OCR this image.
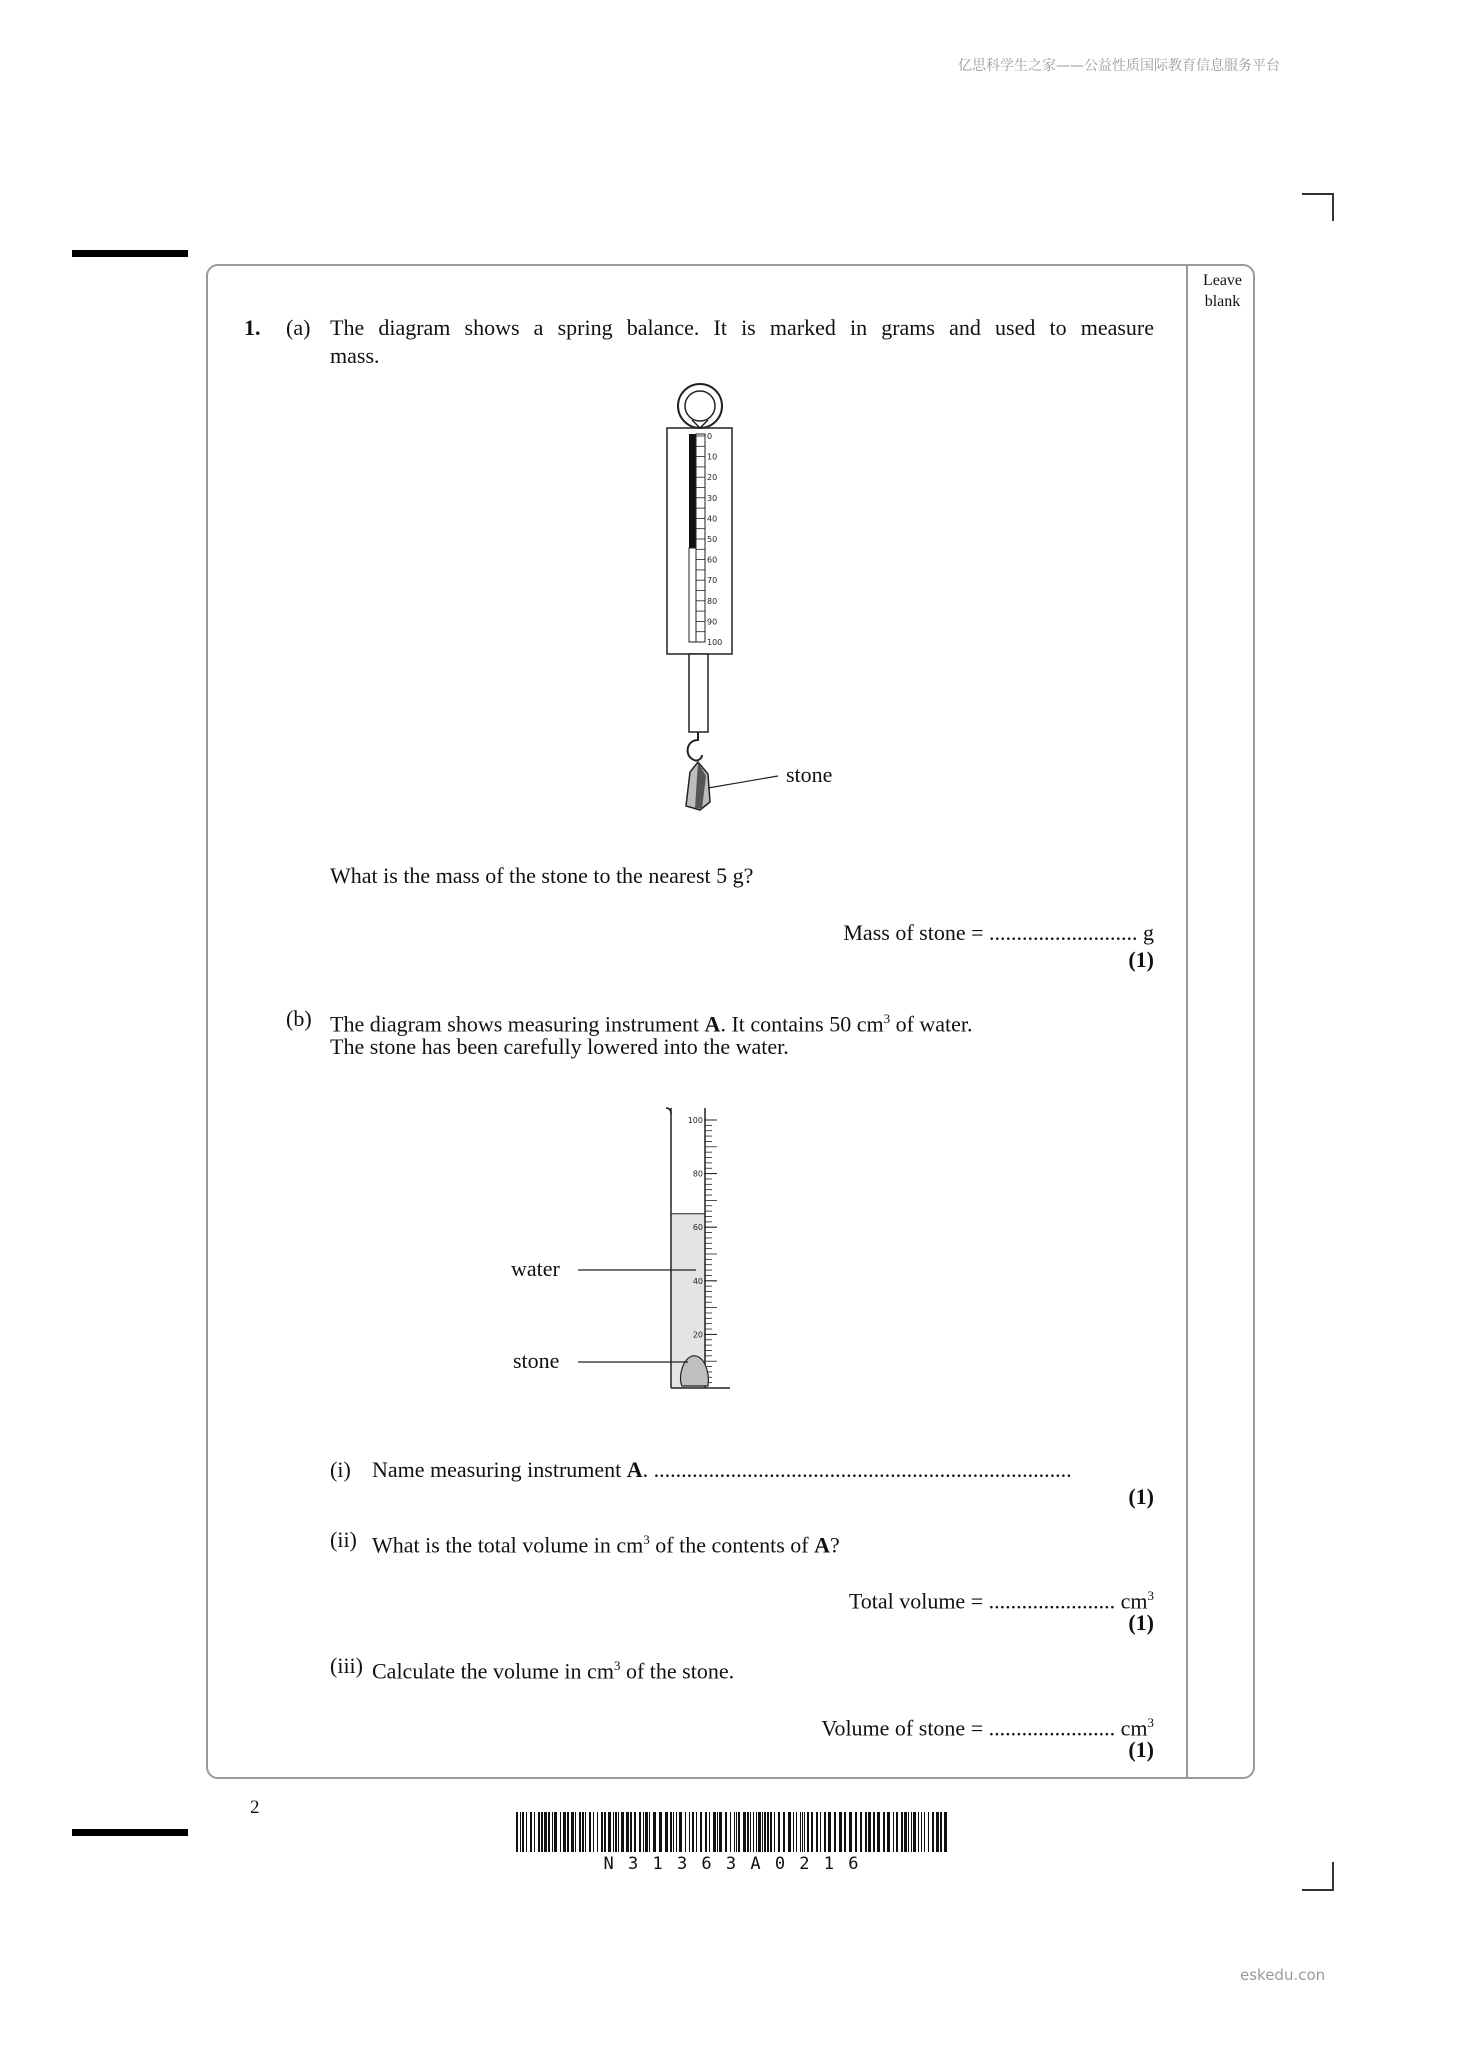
亿思科学生之家——公益性质国际教育信息服务平台
Leave
blank
1. (a) The diagram shows a spring balance. It is marked in grams and used to measure
mass.
0
10
20
30
40
50
60
70
80
90
100
stone
What is the mass of the stone to the nearest 5 g?
Mass of stone = ........................... g
(1)
(b) The diagram shows measuring instrument A. It contains 50 $cm^3$ of water.
The stone has been carefully lowered into the water.
100
80
60
40
20
water
stone
(i) Name measuring instrument A. ............................................................................
(1)
(ii) What is the total volume in $cm^3$ of the contents of A?
Total volume = ....................... $cm^3$
(1)
(iii) Calculate the volume in $cm^3$ of the stone.
Volume of stone = ....................... $cm^3$
(1)
2
N 3 1 3 6 3 A 0 2 1 6
eskedu.con
